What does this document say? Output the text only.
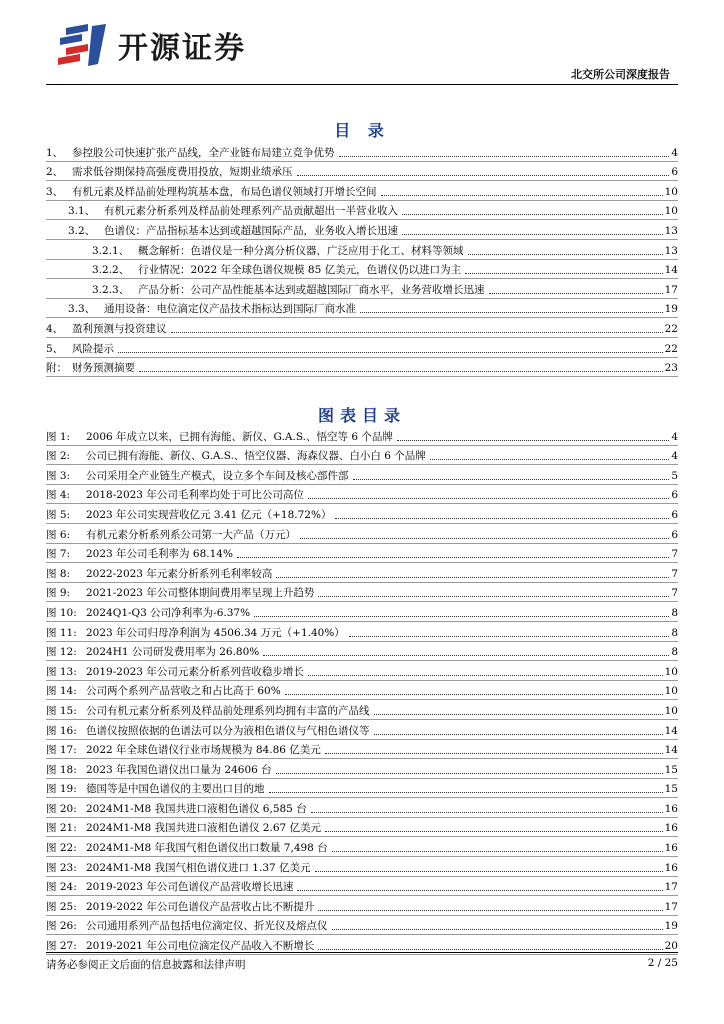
开源证券
北交所公司深度报告
目 录
1、 参控股公司快速扩张产品线，全产业链布局建立竞争优势	4
2、 需求低谷期保持高强度费用投放，短期业绩承压	6
3、 有机元素及样品前处理构筑基本盘，布局色谱仪领域打开增长空间	10
3.1、 有机元素分析系列及样品前处理系列产品贡献超出一半营业收入	10
3.2、 色谱仪：产品指标基本达到或超越国际产品，业务收入增长迅速	13
3.2.1、 概念解析：色谱仪是一种分离分析仪器，广泛应用于化工、材料等领域	13
3.2.2、 行业情况：2022 年全球色谱仪规模 85 亿美元，色谱仪仍以进口为主	14
3.2.3、 产品分析：公司产品性能基本达到或超越国际厂商水平，业务营收增长迅速	17
3.3、 通用设备：电位滴定仪产品技术指标达到国际厂商水准	19
4、 盈利预测与投资建议	22
5、 风险提示	22
附： 财务预测摘要	23
图表目录
图 1:	2006 年成立以来，已拥有海能、新仪、G.A.S.、悟空等 6 个品牌	4
图 2:	公司已拥有海能、新仪、G.A.S.、悟空仪器、海森仪器、白小白 6 个品牌	4
图 3:	公司采用全产业链生产模式，设立多个车间及核心部件部	5
图 4:	2018-2023 年公司毛利率均处于可比公司高位	6
图 5:	2023 年公司实现营收亿元 3.41 亿元（+18.72%）	6
图 6:	有机元素分析系列系公司第一大产品（万元）	6
图 7:	2023 年公司毛利率为 68.14%	7
图 8:	2022-2023 年元素分析系列毛利率较高	7
图 9:	2021-2023 年公司整体期间费用率呈现上升趋势	7
图 10: 2024Q1-Q3 公司净利率为-6.37%	8
图 11: 2023 年公司归母净利润为 4506.34 万元（+1.40%）	8
图 12: 2024H1 公司研发费用率为 26.80%	8
图 13: 2019-2023 年公司元素分析系列营收稳步增长	10
图 14: 公司两个系列产品营收之和占比高于 60%	10
图 15: 公司有机元素分析系列及样品前处理系列均拥有丰富的产品线	10
图 16: 色谱仪按照依据的色谱法可以分为液相色谱仪与气相色谱仪等	14
图 17: 2022 年全球色谱仪行业市场规模为 84.86 亿美元	14
图 18: 2023 年我国色谱仪出口量为 24606 台	15
图 19: 德国等是中国色谱仪的主要出口目的地	15
图 20: 2024M1-M8 我国共进口液相色谱仪 6,585 台	16
图 21: 2024M1-M8 我国共进口液相色谱仪 2.67 亿美元	16
图 22: 2024M1-M8 年我国气相色谱仪出口数量 7,498 台	16
图 23: 2024M1-M8 我国气相色谱仪进口 1.37 亿美元	16
图 24: 2019-2023 年公司色谱仪产品营收增长迅速	17
图 25: 2019-2022 年公司色谱仪产品营收占比不断提升	17
图 26: 公司通用系列产品包括电位滴定仪、折光仪及熔点仪	19
图 27: 2019-2021 年公司电位滴定仪产品收入不断增长	20
请务必参阅正文后面的信息披露和法律声明	2 / 25
